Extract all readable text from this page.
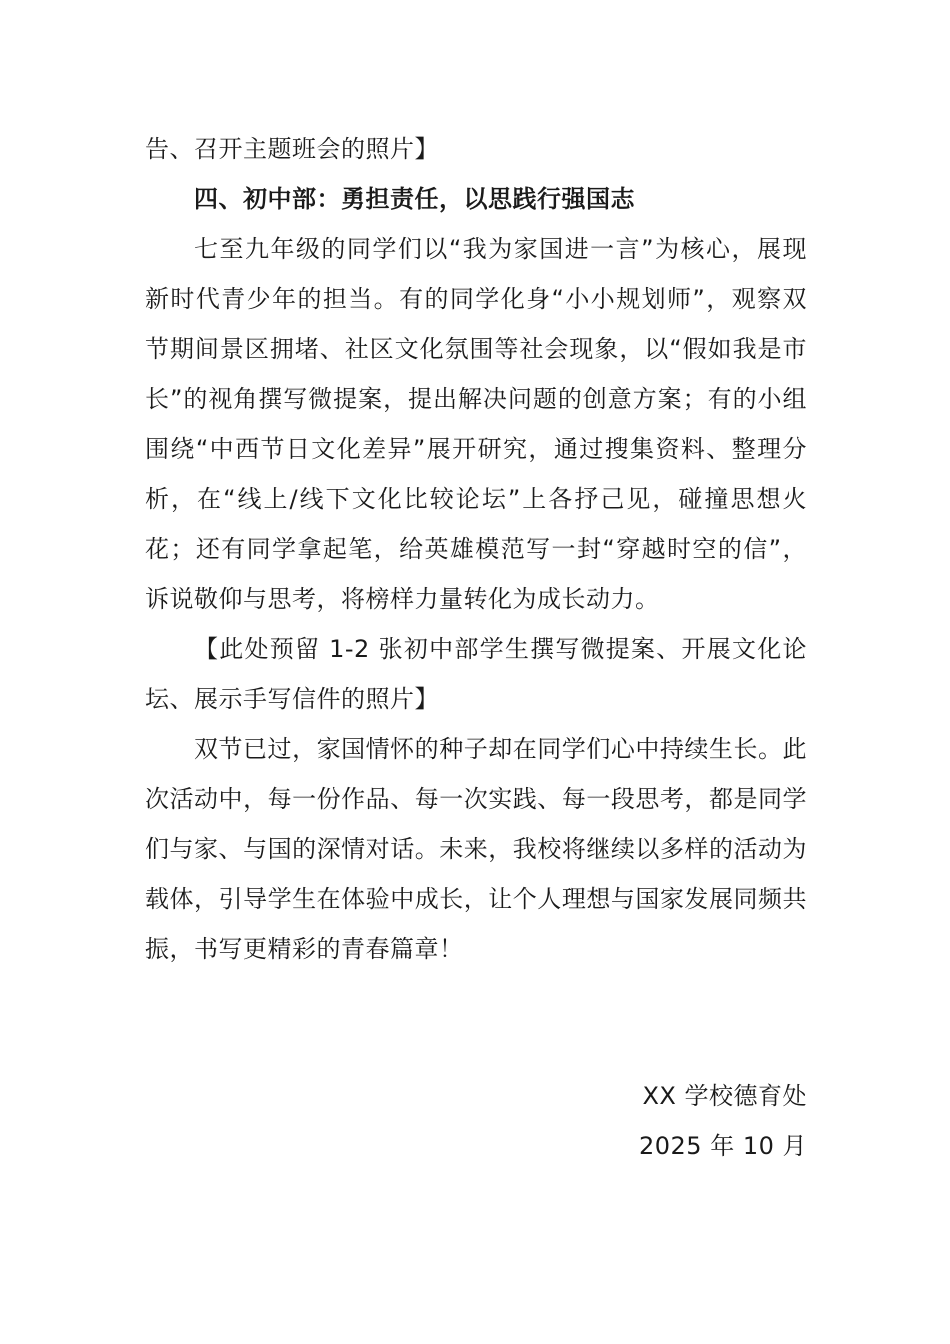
告、召开主题班会的照片】

四、初中部：勇担责任，以思践行强国志

七至九年级的同学们以“我为家国进一言”为核心，展现新时代青少年的担当。有的同学化身“小小规划师”，观察双节期间景区拥堵、社区文化氛围等社会现象，以“假如我是市长”的视角撰写微提案，提出解决问题的创意方案；有的小组围绕“中西节日文化差异”展开研究，通过搜集资料、整理分析，在“线上/线下文化比较论坛”上各抒己见，碰撞思想火花；还有同学拿起笔，给英雄模范写一封“穿越时空的信”，诉说敬仰与思考，将榜样力量转化为成长动力。

【此处预留 1-2 张初中部学生撰写微提案、开展文化论坛、展示手写信件的照片】

双节已过，家国情怀的种子却在同学们心中持续生长。此次活动中，每一份作品、每一次实践、每一段思考，都是同学们与家、与国的深情对话。未来，我校将继续以多样的活动为载体，引导学生在体验中成长，让个人理想与国家发展同频共振，书写更精彩的青春篇章！

XX 学校德育处
2025 年 10 月
